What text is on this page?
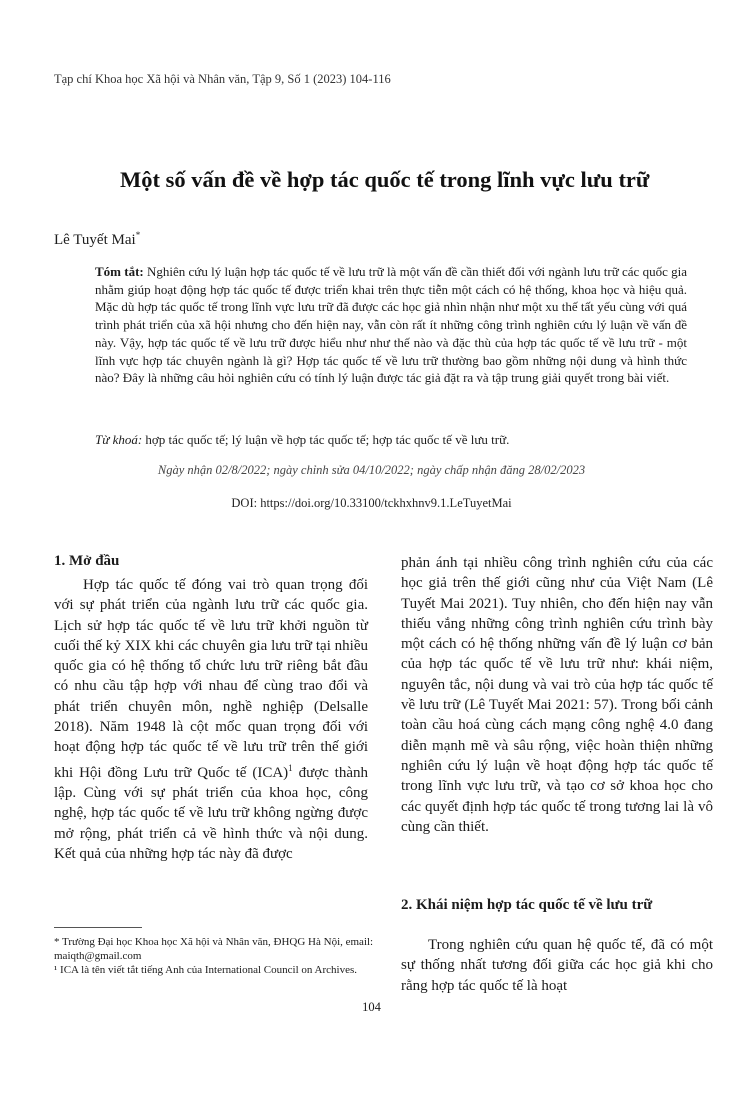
Tạp chí Khoa học Xã hội và Nhân văn, Tập 9, Số 1 (2023) 104-116
Một số vấn đề về hợp tác quốc tế trong lĩnh vực lưu trữ
Lê Tuyết Mai*

Tóm tắt: Nghiên cứu lý luận hợp tác quốc tế về lưu trữ là một vấn đề cần thiết đối với ngành lưu trữ các quốc gia nhằm giúp hoạt động hợp tác quốc tế được triển khai trên thực tiễn một cách có hệ thống, khoa học và hiệu quả. Mặc dù hợp tác quốc tế trong lĩnh vực lưu trữ đã được các học giả nhìn nhận như một xu thế tất yếu cùng với quá trình phát triển của xã hội nhưng cho đến hiện nay, vẫn còn rất ít những công trình nghiên cứu lý luận về vấn đề này. Vậy, hợp tác quốc tế về lưu trữ được hiểu như như thế nào và đặc thù của hợp tác quốc tế về lưu trữ - một lĩnh vực hợp tác chuyên ngành là gì? Hợp tác quốc tế về lưu trữ thường bao gồm những nội dung và hình thức nào? Đây là những câu hỏi nghiên cứu có tính lý luận được tác giả đặt ra và tập trung giải quyết trong bài viết.

Từ khoá: hợp tác quốc tế; lý luận về hợp tác quốc tế; hợp tác quốc tế về lưu trữ.

Ngày nhận 02/8/2022; ngày chỉnh sửa 04/10/2022; ngày chấp nhận đăng 28/02/2023
DOI: https://doi.org/10.33100/tckhxhnv9.1.LeTuyetMai
1. Mở đầu

Hợp tác quốc tế đóng vai trò quan trọng đối với sự phát triển của ngành lưu trữ các quốc gia. Lịch sử hợp tác quốc tế về lưu trữ khởi nguồn từ cuối thế kỷ XIX khi các chuyên gia lưu trữ tại nhiều quốc gia có hệ thống tổ chức lưu trữ riêng bắt đầu có nhu cầu tập hợp với nhau để cùng trao đổi và phát triển chuyên môn, nghề nghiệp (Delsalle 2018). Năm 1948 là cột mốc quan trọng đối với hoạt động hợp tác quốc tế về lưu trữ trên thế giới khi Hội đồng Lưu trữ Quốc tế (ICA)$^1$ được thành lập. Cùng với sự phát triển của khoa học, công nghệ, hợp tác quốc tế về lưu trữ không ngừng được mở rộng, phát triển cả về hình thức và nội dung. Kết quả của những hợp tác này đã được

phản ánh tại nhiều công trình nghiên cứu của các học giả trên thế giới cũng như của Việt Nam (Lê Tuyết Mai 2021). Tuy nhiên, cho đến hiện nay vẫn thiếu vắng những công trình nghiên cứu trình bày một cách có hệ thống những vấn đề lý luận cơ bản của hợp tác quốc tế về lưu trữ như: khái niệm, nguyên tắc, nội dung và vai trò của hợp tác quốc tế về lưu trữ (Lê Tuyết Mai 2021: 57). Trong bối cảnh toàn cầu hoá cùng cách mạng công nghệ 4.0 đang diễn mạnh mẽ và sâu rộng, việc hoàn thiện những nghiên cứu lý luận về hoạt động hợp tác quốc tế trong lĩnh vực lưu trữ, và tạo cơ sở khoa học cho các quyết định hợp tác quốc tế trong tương lai là vô cùng cần thiết.

2. Khái niệm hợp tác quốc tế về lưu trữ

Trong nghiên cứu quan hệ quốc tế, đã có một sự thống nhất tương đối giữa các học giả khi cho rằng hợp tác quốc tế là hoạt

* Trường Đại học Khoa học Xã hội và Nhân văn, ĐHQG Hà Nội, email: maiqth@gmail.com

¹ ICA là tên viết tắt tiếng Anh của International Council on Archives.

104
